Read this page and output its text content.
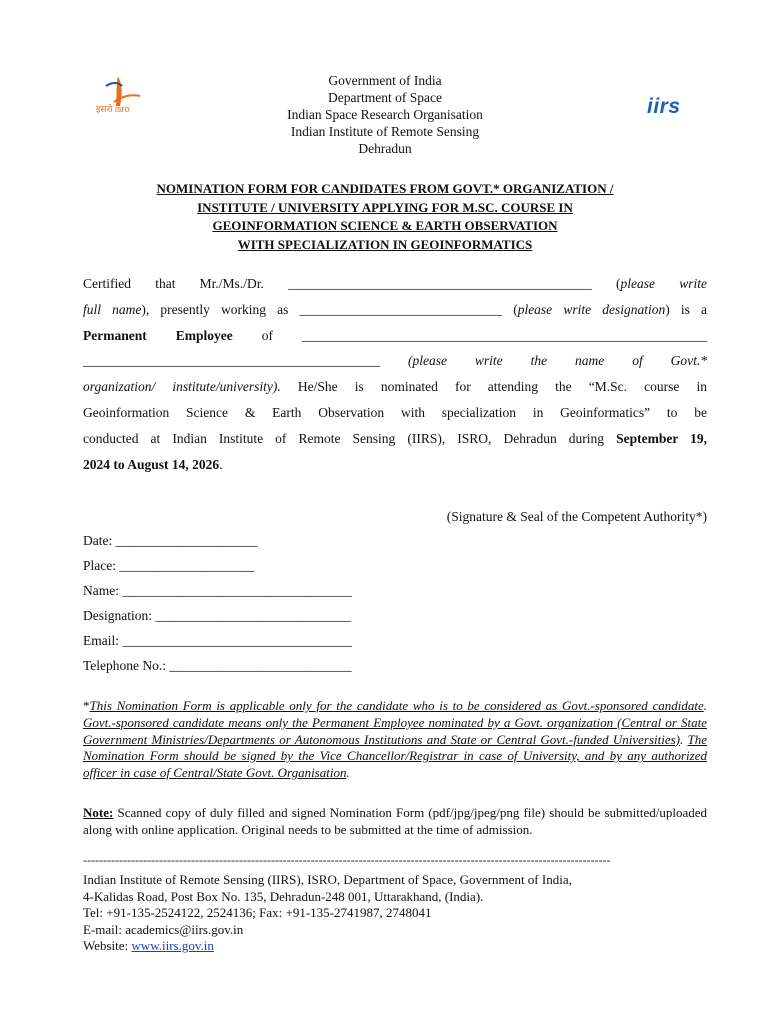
इसरो isro	iirs
Government of India
Department of Space
Indian Space Research Organisation
Indian Institute of Remote Sensing
Dehradun
NOMINATION FORM FOR CANDIDATES FROM GOVT.* ORGANIZATION /
INSTITUTE / UNIVERSITY APPLYING FOR M.SC. COURSE IN
GEOINFORMATION SCIENCE & EARTH OBSERVATION
WITH SPECIALIZATION IN GEOINFORMATICS
Certified that Mr./Ms./Dr. _____________________________________________ (please write
full name), presently working as ______________________________ (please write designation) is a
Permanent Employee of ____________________________________________________________
____________________________________________ (please write the name of Govt.*
organization/ institute/university). He/She is nominated for attending the “M.Sc. course in
Geoinformation Science & Earth Observation with specialization in Geoinformatics” to be
conducted at Indian Institute of Remote Sensing (IIRS), ISRO, Dehradun during September 19,
2024 to August 14, 2026.
(Signature & Seal of the Competent Authority*)
Date: _____________________
Place: ____________________
Name: __________________________________
Designation: _____________________________
Email: __________________________________
Telephone No.: ___________________________
*This Nomination Form is applicable only for the candidate who is to be considered as Govt.-sponsored candidate. Govt.-sponsored candidate means only the Permanent Employee nominated by a Govt. organization (Central or State Government Ministries/Departments or Autonomous Institutions and State or Central Govt.-funded Universities). The Nomination Form should be signed by the Vice Chancellor/Registrar in case of University, and by any authorized officer in case of Central/State Govt. Organisation.
Note: Scanned copy of duly filled and signed Nomination Form (pdf/jpg/jpeg/png file) should be submitted/uploaded along with online application. Original needs to be submitted at the time of admission.
------------------------------------------------------------------------------------------------------------------------------------
Indian Institute of Remote Sensing (IIRS), ISRO, Department of Space, Government of India,
4-Kalidas Road, Post Box No. 135, Dehradun-248 001, Uttarakhand, (India).
Tel: +91-135-2524122, 2524136; Fax: +91-135-2741987, 2748041
E-mail: academics@iirs.gov.in
Website: www.iirs.gov.in
